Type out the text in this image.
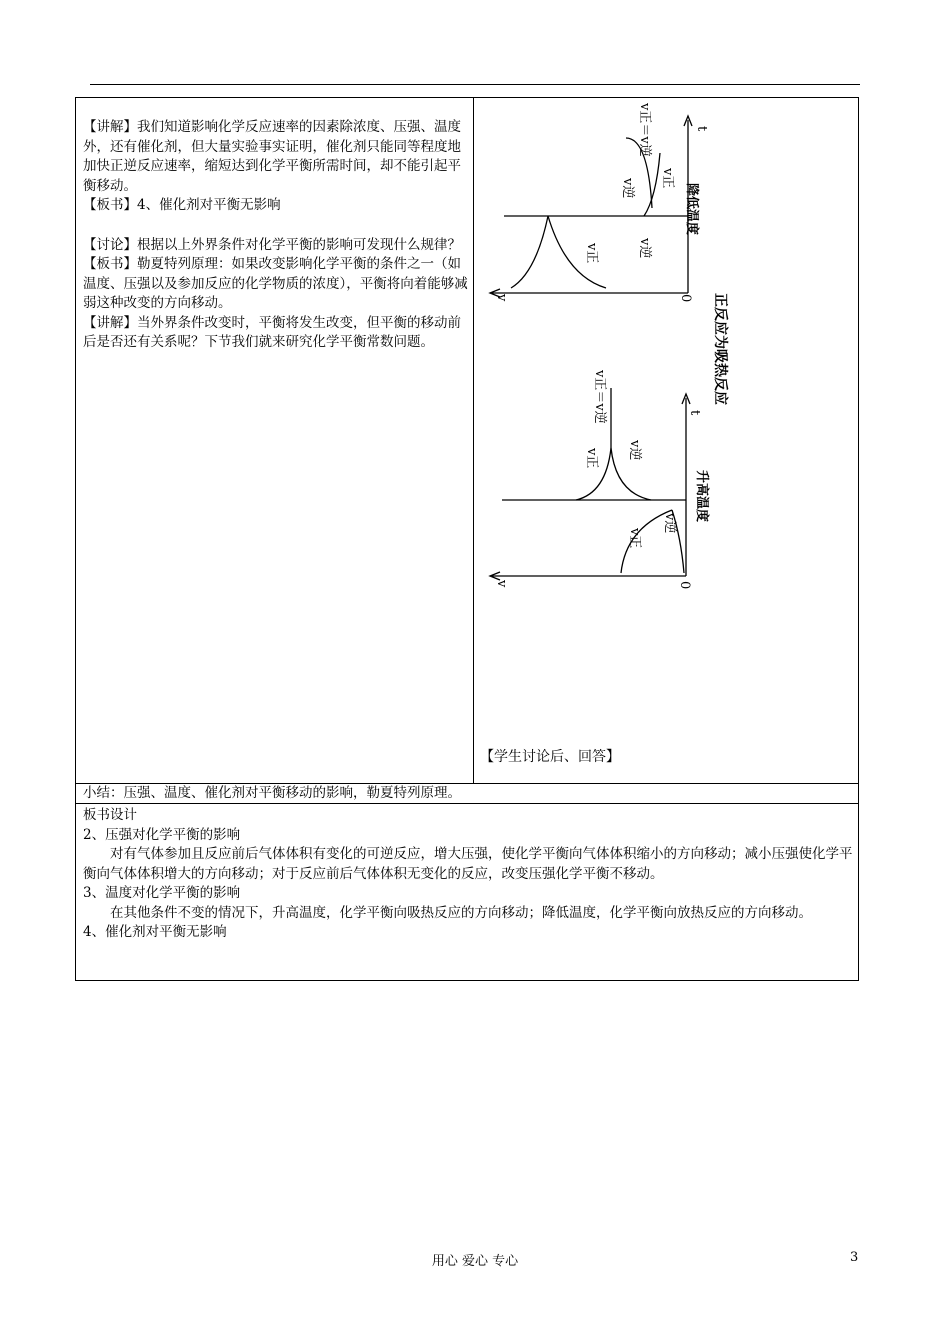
【讲解】我们知道影响化学反应速率的因素除浓度、压强、温度外，还有催化剂，但大量实验事实证明，催化剂只能同等程度地加快正逆反应速率，缩短达到化学平衡所需时间，却不能引起平衡移动。

【板书】4、催化剂对平衡无影响

【讨论】根据以上外界条件对化学平衡的影响可发现什么规律？

【板书】勒夏特列原理：如果改变影响化学平衡的条件之一（如温度、压强以及参加反应的化学物质的浓度），平衡将向着能够减弱这种改变的方向移动。

【讲解】当外界条件改变时，平衡将发生改变，但平衡的移动前后是否还有关系呢？下节我们就来研究化学平衡常数问题。

v正＝v逆
v逆 v正
v正	v逆
降低温度
正反应为吸热反应
0
t
v
v正＝v逆
v正 v逆
v正
v逆
升高温度
0
t
v
【学生讨论后、回答】
小结：压强、温度、催化剂对平衡移动的影响，勒夏特列原理。

板书设计

2、压强对化学平衡的影响

对有气体参加且反应前后气体体积有变化的可逆反应，增大压强，使化学平衡向气体体积缩小的方向移动；减小压强使化学平衡向气体体积增大的方向移动；对于反应前后气体体积无变化的反应，改变压强化学平衡不移动。

3、温度对化学平衡的影响

在其他条件不变的情况下，升高温度，化学平衡向吸热反应的方向移动；降低温度，化学平衡向放热反应的方向移动。

4、催化剂对平衡无影响

用心 爱心 专心	3
